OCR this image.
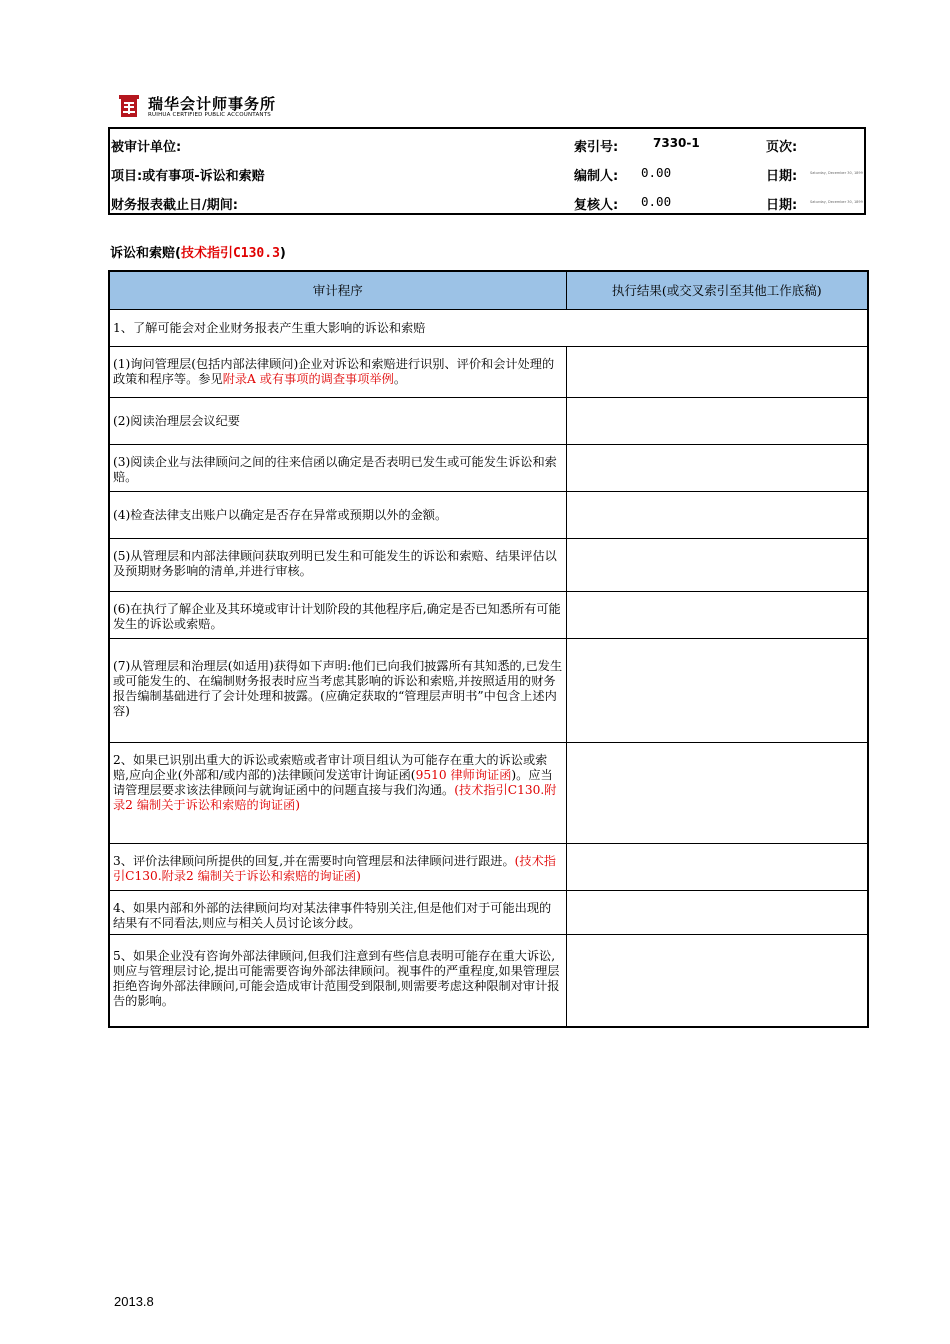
瑞华会计师事务所
RUIHUA CERTIFIED PUBLIC ACCOUNTANTS
被审计单位:	索引号:	7330-1	页次:
项目:或有事项-诉讼和索赔	编制人: 0.00	日期:	Saturday, December 30, 1899
财务报表截止日/期间:	复核人: 0.00	日期:	Saturday, December 30, 1899
诉讼和索赔(技术指引C130.3)
审计程序	执行结果(或交叉索引至其他工作底稿)
1、了解可能会对企业财务报表产生重大影响的诉讼和索赔	
(1)询问管理层(包括内部法律顾问)企业对诉讼和索赔进行识别、评价和会计处理的政策和程序等。参见附录A 或有事项的调查事项举例。	
(2)阅读治理层会议纪要	
(3)阅读企业与法律顾问之间的往来信函以确定是否表明已发生或可能发生诉讼和索赔。	
(4)检查法律支出账户以确定是否存在异常或预期以外的金额。	
(5)从管理层和内部法律顾问获取列明已发生和可能发生的诉讼和索赔、结果评估以及预期财务影响的清单,并进行审核。	
(6)在执行了解企业及其环境或审计计划阶段的其他程序后,确定是否已知悉所有可能发生的诉讼或索赔。	
(7)从管理层和治理层(如适用)获得如下声明:他们已向我们披露所有其知悉的,已发生或可能发生的、在编制财务报表时应当考虑其影响的诉讼和索赔,并按照适用的财务报告编制基础进行了会计处理和披露。(应确定获取的“管理层声明书”中包含上述内容)	
2、如果已识别出重大的诉讼或索赔或者审计项目组认为可能存在重大的诉讼或索赔,应向企业(外部和/或内部的)法律顾问发送审计询证函(9510 律师询证函)。应当请管理层要求该法律顾问与就询证函中的问题直接与我们沟通。(技术指引C130.附录2 编制关于诉讼和索赔的询证函)	
3、评价法律顾问所提供的回复,并在需要时向管理层和法律顾问进行跟进。(技术指引C130.附录2 编制关于诉讼和索赔的询证函)	
4、如果内部和外部的法律顾问均对某法律事件特别关注,但是他们对于可能出现的结果有不同看法,则应与相关人员讨论该分歧。	
5、如果企业没有咨询外部法律顾问,但我们注意到有些信息表明可能存在重大诉讼,则应与管理层讨论,提出可能需要咨询外部法律顾问。视事件的严重程度,如果管理层拒绝咨询外部法律顾问,可能会造成审计范围受到限制,则需要考虑这种限制对审计报告的影响。	
2013.8
